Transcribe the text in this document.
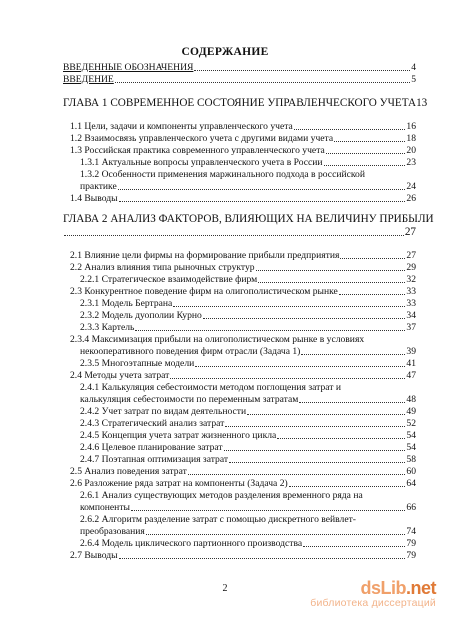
СОДЕРЖАНИЕ
ВВЕДЕННЫЕ ОБОЗНАЧЕНИЯ	4
ВВЕДЕНИЕ	5
ГЛАВА 1 СОВРЕМЕННОЕ СОСТОЯНИЕ УПРАВЛЕНЧЕСКОГО УЧЕТА 13
1.1 Цели, задачи и компоненты управленческого учета	16
1.2 Взаимосвязь управленческого учета с другими видами учета	18
1.3 Российская практика современного управленческого учета	20
1.3.1 Актуальные вопросы управленческого учета в России	23
1.3.2 Особенности применения маржинального подхода в российской
практике	24
1.4 Выводы	26
ГЛАВА 2 АНАЛИЗ ФАКТОРОВ, ВЛИЯЮЩИХ НА ВЕЛИЧИНУ ПРИБЫЛИ
27
2.1 Влияние цели фирмы на формирование прибыли предприятия	27
2.2 Анализ влияния типа рыночных структур	29
2.2.1 Стратегическое взаимодействие фирм	32
2.3 Конкурентное поведение фирм на олигополистическом рынке	33
2.3.1 Модель Бертрана	33
2.3.2 Модель дуополии Курно	34
2.3.3 Картель	37
2.3.4 Максимизация прибыли на олигополистическом рынке в условиях
некооперативного поведения фирм отрасли (Задача 1)	39
2.3.5 Многоэтапные модели	41
2.4 Методы учета затрат	47
2.4.1 Калькуляция себестоимости методом поглощения затрат и
калькуляция себестоимости по переменным затратам	48
2.4.2 Учет затрат по видам деятельности	49
2.4.3 Стратегический анализ затрат	52
2.4.5 Концепция учета затрат жизненного цикла	54
2.4.6 Целевое планирование затрат	54
2.4.7 Поэтапная оптимизация затрат	58
2.5 Анализ поведения затрат	60
2.6 Разложение ряда затрат на компоненты (Задача 2)	64
2.6.1 Анализ существующих методов разделения временного ряда на
компоненты	66
2.6.2 Алгоритм разделение затрат с помощью дискретного вейвлет-
преобразования	74
2.6.4 Модель циклического партионного производства	79
2.7 Выводы	79
2	dsLib.net
библиотека диссертаций
